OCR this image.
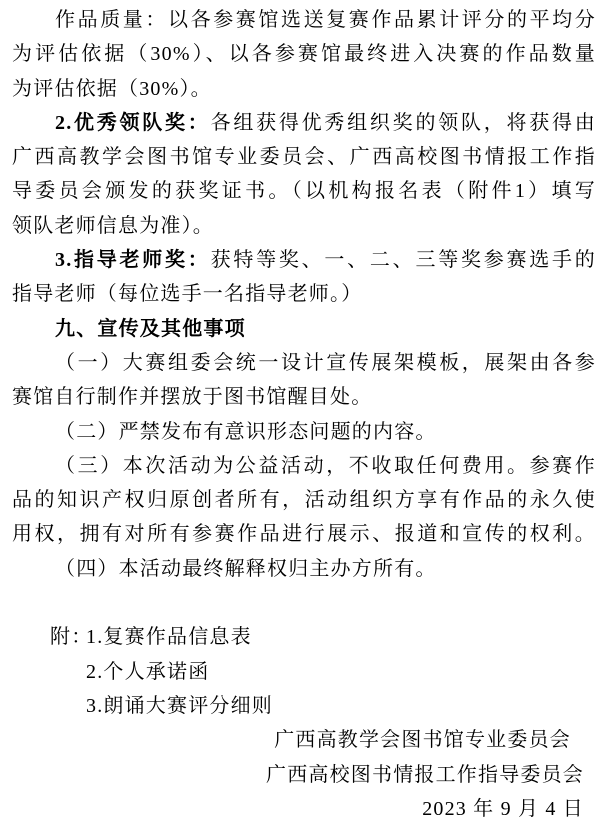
作品质量：以各参赛馆选送复赛作品累计评分的平均分
为评估依据（30%）、以各参赛馆最终进入决赛的作品数量
为评估依据（30%）。
2.优秀领队奖：各组获得优秀组织奖的领队，将获得由
广西高教学会图书馆专业委员会、广西高校图书情报工作指
导委员会颁发的获奖证书。（以机构报名表（附件1）填写
领队老师信息为准）。
3.指导老师奖：获特等奖、一、二、三等奖参赛选手的
指导老师（每位选手一名指导老师。）
九、宣传及其他事项
（一）大赛组委会统一设计宣传展架模板，展架由各参
赛馆自行制作并摆放于图书馆醒目处。
（二）严禁发布有意识形态问题的内容。
（三）本次活动为公益活动，不收取任何费用。参赛作
品的知识产权归原创者所有，活动组织方享有作品的永久使
用权，拥有对所有参赛作品进行展示、报道和宣传的权利。
（四）本活动最终解释权归主办方所有。
附：1.复赛作品信息表
2.个人承诺函
3.朗诵大赛评分细则
广西高教学会图书馆专业委员会
广西高校图书情报工作指导委员会
2023 年 9 月 4 日
